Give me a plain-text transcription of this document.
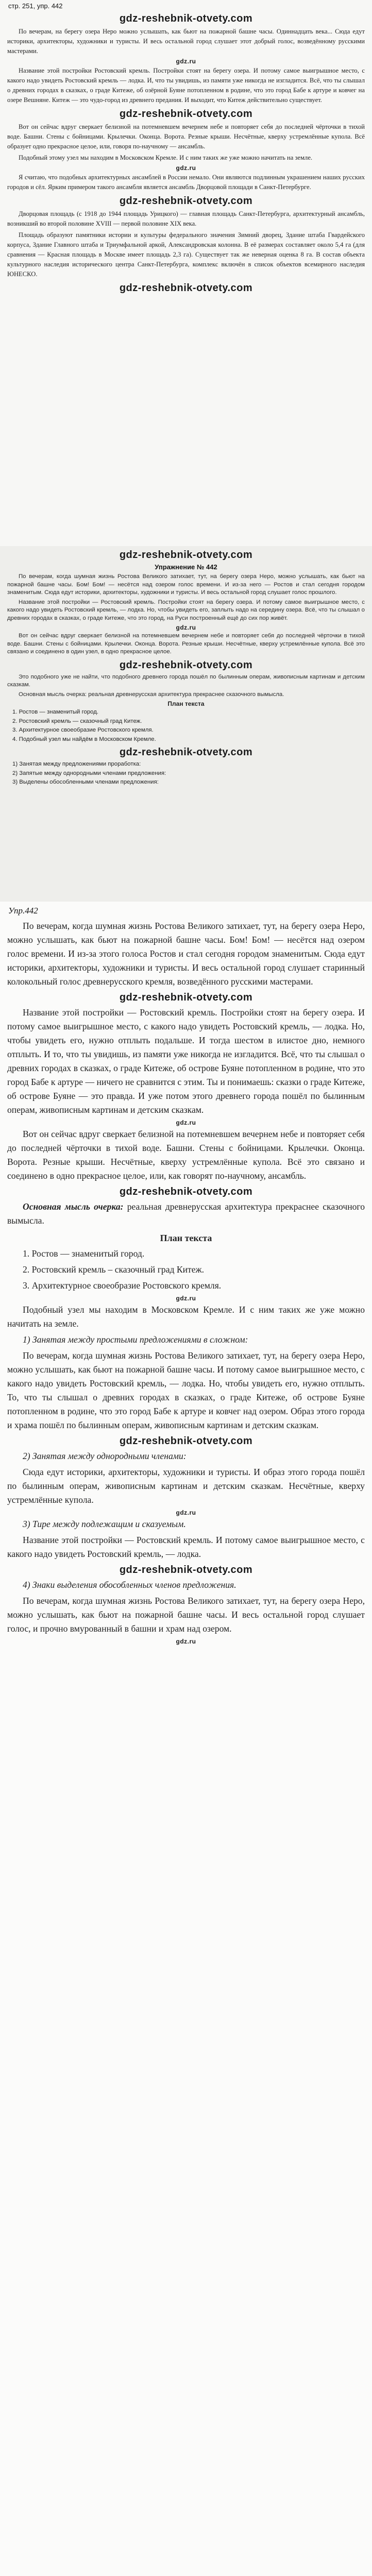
стр. 251, упр. 442
gdz-reshebnik-otvety.com

По вечерам, на берегу озера Неро можно услышать, как бьют на пожарной башне часы. Одиннадцать века... Сюда едут историки, архитекторы, художники и туристы. И весь остальной город слушает этот добрый голос, возведённому русскими мастерами.

gdz.ru

Название этой постройки Ростовский кремль. Постройки стоят на берегу озера. И потому самое выигрышное место, с какого надо увидеть Ростовский кремль — лодка. И, что ты увидишь, из памяти уже никогда не изгладится. Всё, что ты слышал о древних городах в сказках, о граде Китеже, об озёрной Буяне потопленном в родине, что это город Бабе к артуре и ковчег на озере Вешняне. Китеж — это чудо-город из древнего предания. И выходит, что Китеж действительно существует.

gdz-reshebnik-otvety.com

Вот он сейчас вдруг сверкает белизной на потемневшем вечернем небе и повторяет себя до последней чёрточки в тихой воде. Башни. Стены с бойницами. Крылечки. Оконца. Ворота. Резные крыши. Несчётные, кверху устремлённые купола. Всё образует одно прекрасное целое, или, говоря по-научному — ансамбль.

Подобный этому узел мы находим в Московском Кремле. И с ним таких же уже можно начитать на земле.

gdz.ru

Я считаю, что подобных архитектурных ансамблей в России немало. Они являются подлинным украшением наших русских городов и сёл. Ярким примером такого ансамбля является ансамбль Дворцовой площади в Санкт-Петербурге.

gdz-reshebnik-otvety.com

Дворцовая площадь (с 1918 до 1944 площадь Урицкого) — главная площадь Санкт-Петербурга, архитектурный ансамбль, возникший во второй половине XVIII — первой половине XIX века.

Площадь образуют памятники истории и культуры федерального значения Зимний дворец, Здание штаба Гвардейского корпуса, Здание Главного штаба и Триумфальной аркой, Александровская колонна. В её размерах составляет около 5,4 га (для сравнения — Красная площадь в Москве имеет площадь 2,3 га). Существует так же неверная оценка 8 га. В состав объекта культурного наследия исторического центра Санкт-Петербурга, комплекс включён в список объектов всемирного наследия ЮНЕСКО.

gdz-reshebnik-otvety.com
gdz-reshebnik-otvety.com
Упражнение № 442

По вечерам, когда шумная жизнь Ростова Великого затихает, тут, на берегу озера Неро, можно услышать, как бьют на пожарной башне часы. Бом! Бом! — несётся над озером голос времени. И из-за него — Ростов и стал сегодня городом знаменитым. Сюда едут историки, архитекторы, художники и туристы. И весь остальной город слушает голос прошлого.

Название этой постройки — Ростовский кремль. Постройки стоят на берегу озера. И потому самое выигрышное место, с какого надо увидеть Ростовский кремль, — лодка. Но, чтобы увидеть его, заплыть надо на середину озера. Всё, что ты слышал о древних городах в сказках, о граде Китеже, что это город, на Руси построенный ещё до сих пор живёт.

gdz.ru

Вот он сейчас вдруг сверкает белизной на потемневшем вечернем небе и повторяет себя до последней чёрточки в тихой воде. Башни. Стены с бойницами. Крылечки. Оконца. Ворота. Резные крыши. Несчётные, кверху устремлённые купола. Всё это связано и соединено в один узел, в одно прекрасное целое.

gdz-reshebnik-otvety.com

Это подобного уже не найти, что подобного древнего города пошёл по былинным операм, живописным картинам и детским сказкам.

Основная мысль очерка: реальная древнерусская архитектура прекраснее сказочного вымысла.

План текста
1. Ростов — знаменитый город.
2. Ростовский кремль — сказочный град Китеж.
3. Архитектурное своеобразие Ростовского кремля.
4. Подобный узел мы найдём в Московском Кремле.
gdz-reshebnik-otvety.com
1) Занятая между предложениями проработка:
2) Запятые между однородными членами предложения:
3) Выделены обособленными членами предложения:
Упр.442

По вечерам, когда шумная жизнь Ростова Великого затихает, тут, на берегу озера Неро, можно услышать, как бьют на пожарной башне часы. Бом! Бом! — несётся над озером голос времени. И из-за этого голоса Ростов и стал сегодня городом знаменитым. Сюда едут историки, архитекторы, художники и туристы. И весь остальной город слушает старинный колокольный голос древнерусского кремля, возведённого русскими мастерами.

gdz-reshebnik-otvety.com

Название этой постройки — Ростовский кремль. Постройки стоят на берегу озера. И потому самое выигрышное место, с какого надо увидеть Ростовский кремль, — лодка. Но, чтобы увидеть его, нужно отплыть подальше. И тогда шестом в илистое дно, немного отплыть. И то, что ты увидишь, из памяти уже никогда не изгладится. Всё, что ты слышал о древних городах в сказках, о граде Китеже, об острове Буяне потопленном в родине, что это город Бабе к артуре — ничего не сравнится с этим. Ты и понимаешь: сказки о граде Китеже, об острове Буяне — это правда. И уже потом этого древнего города пошёл по былинным операм, живописным картинам и детским сказкам.

gdz.ru

Вот он сейчас вдруг сверкает белизной на потемневшем вечернем небе и повторяет себя до последней чёрточки в тихой воде. Башни. Стены с бойницами. Крылечки. Оконца. Ворота. Резные крыши. Несчётные, кверху устремлённые купола. Всё это связано и соединено в одно прекрасное целое, или, как говорят по-научному, ансамбль.

gdz-reshebnik-otvety.com

Основная мысль очерка: реальная древнерусская архитектура прекраснее сказочного вымысла.

План текста
1. Ростов — знаменитый город.
2. Ростовский кремль – сказочный град Китеж.
3. Архитектурное своеобразие Ростовского кремля.
gdz.ru

Подобный узел мы находим в Московском Кремле. И с ним таких же уже можно начитать на земле.

1) Занятая между простыми предложениями в сложном:

По вечерам, когда шумная жизнь Ростова Великого затихает, тут, на берегу озера Неро, можно услышать, как бьют на пожарной башне часы. И потому самое выигрышное место, с какого надо увидеть Ростовский кремль, — лодка. Но, чтобы увидеть его, нужно отплыть. То, что ты слышал о древних городах в сказках, о граде Китеже, об острове Буяне потопленном в родине, что это город Бабе к артуре и ковчег над озером. Образ этого города и храма пошёл по былинным операм, живописным картинам и детским сказкам.

gdz-reshebnik-otvety.com
2) Занятая между однородными членами:

Сюда едут историки, архитекторы, художники и туристы. И образ этого города пошёл по былинным операм, живописным картинам и детским сказкам. Несчётные, кверху устремлённые купола.

gdz.ru
3) Тире между подлежащим и сказуемым.

Название этой постройки — Ростовский кремль. И потому самое выигрышное место, с какого надо увидеть Ростовский кремль, — лодка.

gdz-reshebnik-otvety.com
4) Знаки выделения обособленных членов предложения.

По вечерам, когда шумная жизнь Ростова Великого затихает, тут, на берегу озера Неро, можно услышать, как бьют на пожарной башне часы. И весь остальной город слушает голос, и прочно вмурованный в башни и храм над озером.

gdz.ru
